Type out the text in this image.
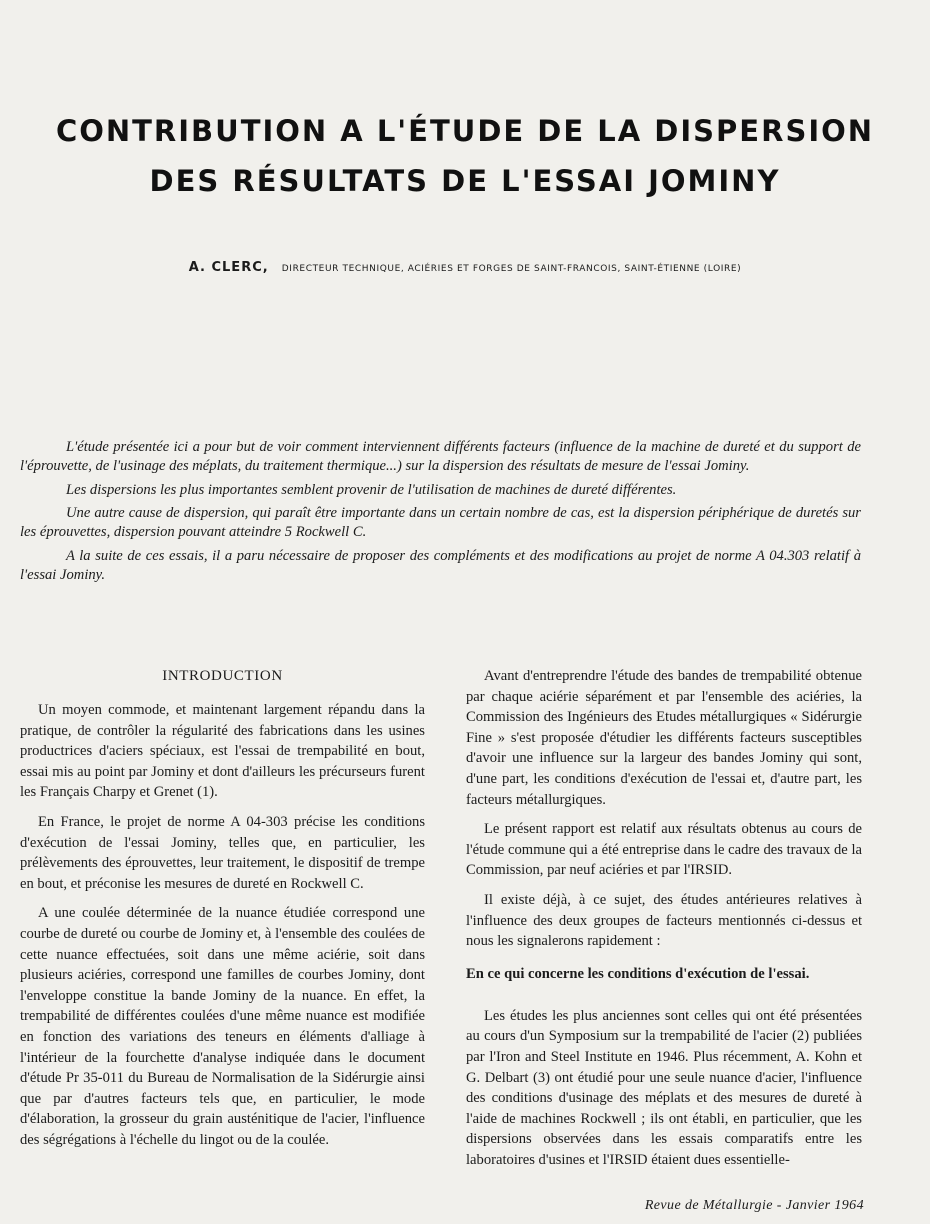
CONTRIBUTION A L'ÉTUDE DE LA DISPERSION
DES RÉSULTATS DE L'ESSAI JOMINY
A. CLERC, DIRECTEUR TECHNIQUE, ACIÉRIES ET FORGES DE SAINT-FRANCOIS, SAINT-ÉTIENNE (LOIRE)

L'étude présentée ici a pour but de voir comment interviennent différents facteurs (influence de la machine de dureté et du support de l'éprouvette, de l'usinage des méplats, du traitement thermique...) sur la dispersion des résultats de mesure de l'essai Jominy.

Les dispersions les plus importantes semblent provenir de l'utilisation de machines de dureté différentes.

Une autre cause de dispersion, qui paraît être importante dans un certain nombre de cas, est la dispersion périphérique de duretés sur les éprouvettes, dispersion pouvant atteindre 5 Rockwell C.

A la suite de ces essais, il a paru nécessaire de proposer des compléments et des modifications au projet de norme A 04.303 relatif à l'essai Jominy.

INTRODUCTION

Un moyen commode, et maintenant largement répandu dans la pratique, de contrôler la régularité des fabrications dans les usines productrices d'aciers spéciaux, est l'essai de trempabilité en bout, essai mis au point par Jominy et dont d'ailleurs les précurseurs furent les Français Charpy et Grenet (1).

En France, le projet de norme A 04-303 précise les conditions d'exécution de l'essai Jominy, telles que, en particulier, les prélèvements des éprouvettes, leur traitement, le dispositif de trempe en bout, et préconise les mesures de dureté en Rockwell C.

A une coulée déterminée de la nuance étudiée correspond une courbe de dureté ou courbe de Jominy et, à l'ensemble des coulées de cette nuance effectuées, soit dans une même aciérie, soit dans plusieurs aciéries, correspond une familles de courbes Jominy, dont l'enveloppe constitue la bande Jominy de la nuance. En effet, la trempabilité de différentes coulées d'une même nuance est modifiée en fonction des variations des teneurs en éléments d'alliage à l'intérieur de la fourchette d'analyse indiquée dans le document d'étude Pr 35-011 du Bureau de Normalisation de la Sidérurgie ainsi que par d'autres facteurs tels que, en particulier, le mode d'élaboration, la grosseur du grain austénitique de l'acier, l'influence des ségrégations à l'échelle du lingot ou de la coulée.

Avant d'entreprendre l'étude des bandes de trempabilité obtenue par chaque aciérie séparément et par l'ensemble des aciéries, la Commission des Ingénieurs des Etudes métallurgiques « Sidérurgie Fine » s'est proposée d'étudier les différents facteurs susceptibles d'avoir une influence sur la largeur des bandes Jominy qui sont, d'une part, les conditions d'exécution de l'essai et, d'autre part, les facteurs métallurgiques.

Le présent rapport est relatif aux résultats obtenus au cours de l'étude commune qui a été entreprise dans le cadre des travaux de la Commission, par neuf aciéries et par l'IRSID.

Il existe déjà, à ce sujet, des études antérieures relatives à l'influence des deux groupes de facteurs mentionnés ci-dessus et nous les signalerons rapidement :

En ce qui concerne les conditions d'exécution de l'essai.

Les études les plus anciennes sont celles qui ont été présentées au cours d'un Symposium sur la trempabilité de l'acier (2) publiées par l'Iron and Steel Institute en 1946. Plus récemment, A. Kohn et G. Delbart (3) ont étudié pour une seule nuance d'acier, l'influence des conditions d'usinage des méplats et des mesures de dureté à l'aide de machines Rockwell ; ils ont établi, en particulier, que les dispersions observées dans les essais comparatifs entre les laboratoires d'usines et l'IRSID étaient dues essentielle-

Revue de Métallurgie - Janvier 1964
